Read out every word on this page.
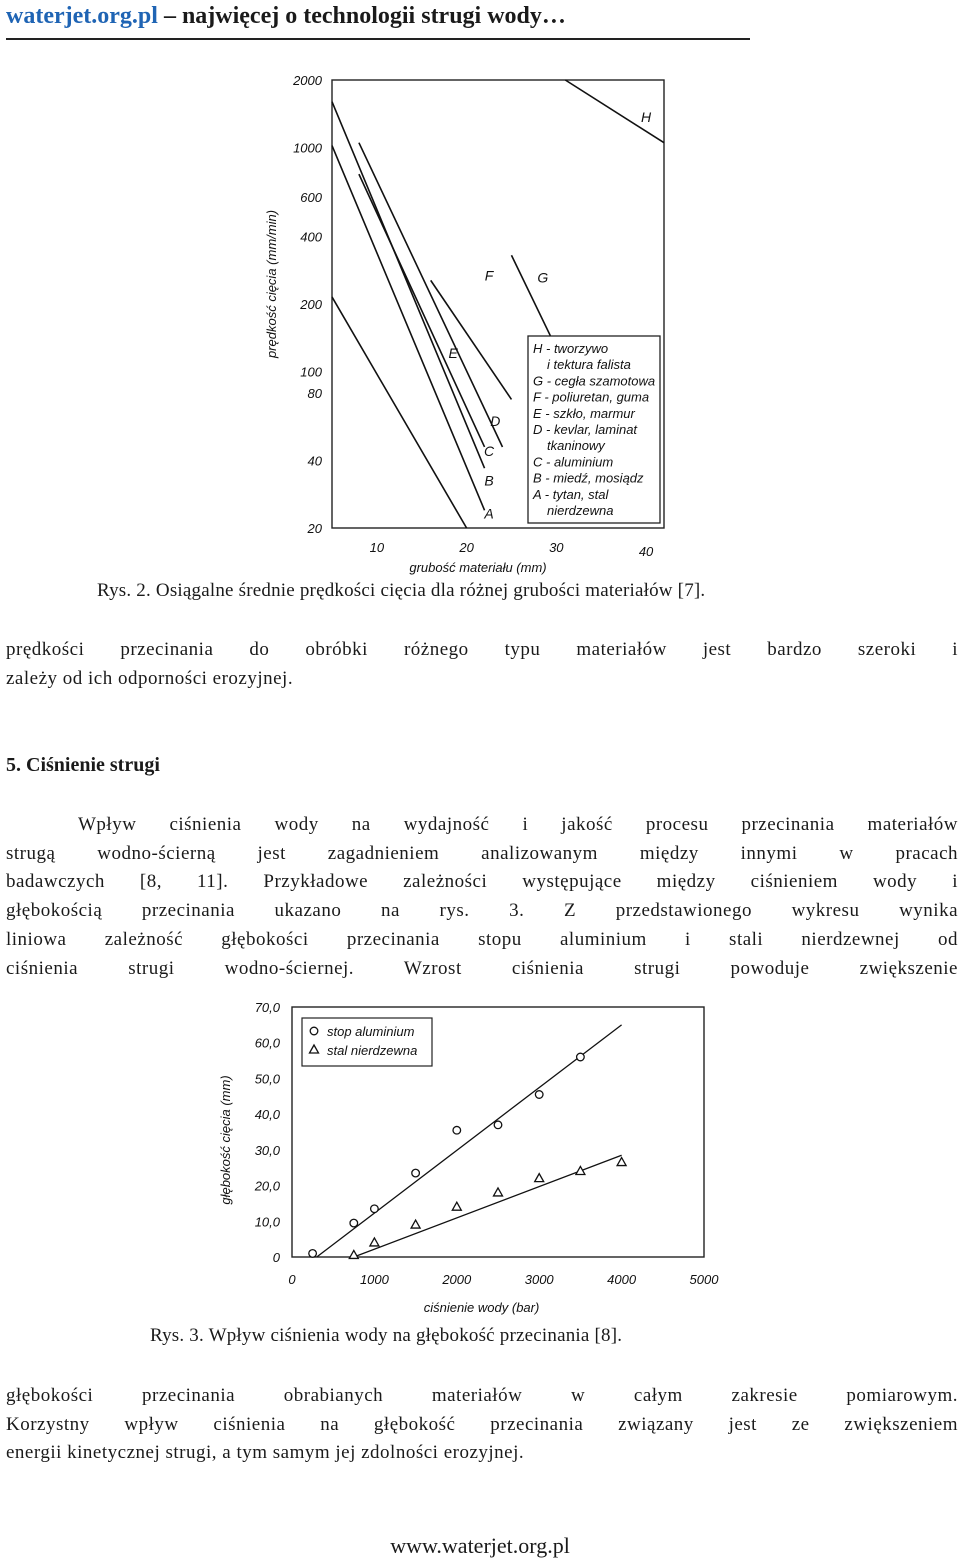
waterjet.org.pl – najwięcej o technologii strugi wody…
2000
1000
600
400
200
100
80
40
20
10	20	30	40
grubość materiału (mm)
prędkość cięcia (mm/min)
A
B
C
D
E
F	G
H
H - tworzywo
i tektura falista
G - cegła szamotowa
F - poliuretan, guma
E - szkło, marmur
D - kevlar, laminat
tkaninowy
C - aluminium
B - miedź, mosiądz
A - tytan, stal
nierdzewna
Rys. 2. Osiągalne średnie prędkości cięcia dla różnej grubości materiałów [7].
prędkości przecinania do obróbki różnego typu materiałów jest bardzo szeroki i
zależy od ich odporności erozyjnej.
5. Ciśnienie strugi
Wpływ ciśnienia wody na wydajność i jakość procesu przecinania materiałów
strugą wodno-ścierną jest zagadnieniem analizowanym między innymi w pracach
badawczych [8, 11]. Przykładowe zależności występujące między ciśnieniem wody i
głębokością przecinania ukazano na rys. 3. Z przedstawionego wykresu wynika
liniowa zależność głębokości przecinania stopu aluminium i stali nierdzewnej od
ciśnienia strugi wodno-ściernej. Wzrost ciśnienia strugi powoduje zwiększenie
0
10,0
20,0
30,0
40,0
50,0
60,0
70,0
0	1000	2000	3000	4000	5000
ciśnienie wody (bar)
głębokość cięcia (mm)
stop aluminium
stal nierdzewna
Rys. 3. Wpływ ciśnienia wody na głębokość przecinania [8].
głębokości przecinania obrabianych materiałów w całym zakresie pomiarowym.
Korzystny wpływ ciśnienia na głębokość przecinania związany jest ze zwiększeniem
energii kinetycznej strugi, a tym samym jej zdolności erozyjnej.
www.waterjet.org.pl
